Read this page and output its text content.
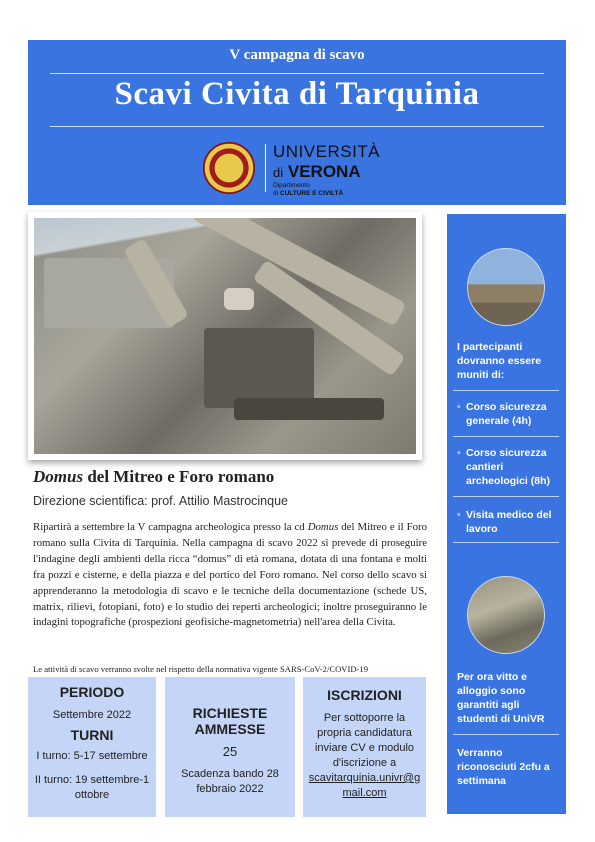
V campagna di scavo
Scavi Civita di Tarquinia
UNIVERSITÀ
di VERONA
Dipartimento
di CULTURE E CIVILTÀ
I partecipanti dovranno essere muniti di:
• Corso sicurezza generale (4h)
• Corso sicurezza cantieri archeologici (8h)
• Visita medico del lavoro
Per ora vitto e alloggio sono garantiti agli studenti di UniVR
Verranno riconosciuti 2cfu a settimana
Domus del Mitreo e Foro romano
Direzione scientifica: prof. Attilio Mastrocinque
Ripartirà a settembre la V campagna archeologica presso la cd Domus del Mitreo e il Foro romano sulla Civita di Tarquinia. Nella campagna di scavo 2022 si prevede di proseguire l'indagine degli ambienti della ricca “domus” di età romana, dotata di una fontana e molti fra pozzi e cisterne, e della piazza e del portico del Foro romano. Nel corso dello scavo si apprenderanno la metodologia di scavo e le tecniche della documentazione (schede US, matrix, rilievi, fotopiani, foto) e lo studio dei reperti archeologici; inoltre proseguiranno le indagini topografiche (prospezioni geofisiche-magnetometria) nell'area della Civita.
Le attività di scavo verranno svolte nel rispetto della normativa vigente SARS-CoV-2/COVID-19
PERIODO
Settembre 2022
TURNI
I turno: 5-17 settembre
II turno: 19 settembre-1 ottobre
RICHIESTE AMMESSE
25
Scadenza bando 28 febbraio 2022
ISCRIZIONI
Per sottoporre la propria candidatura inviare CV e modulo d'iscrizione a
scavitarquinia.univr@gmail.com
